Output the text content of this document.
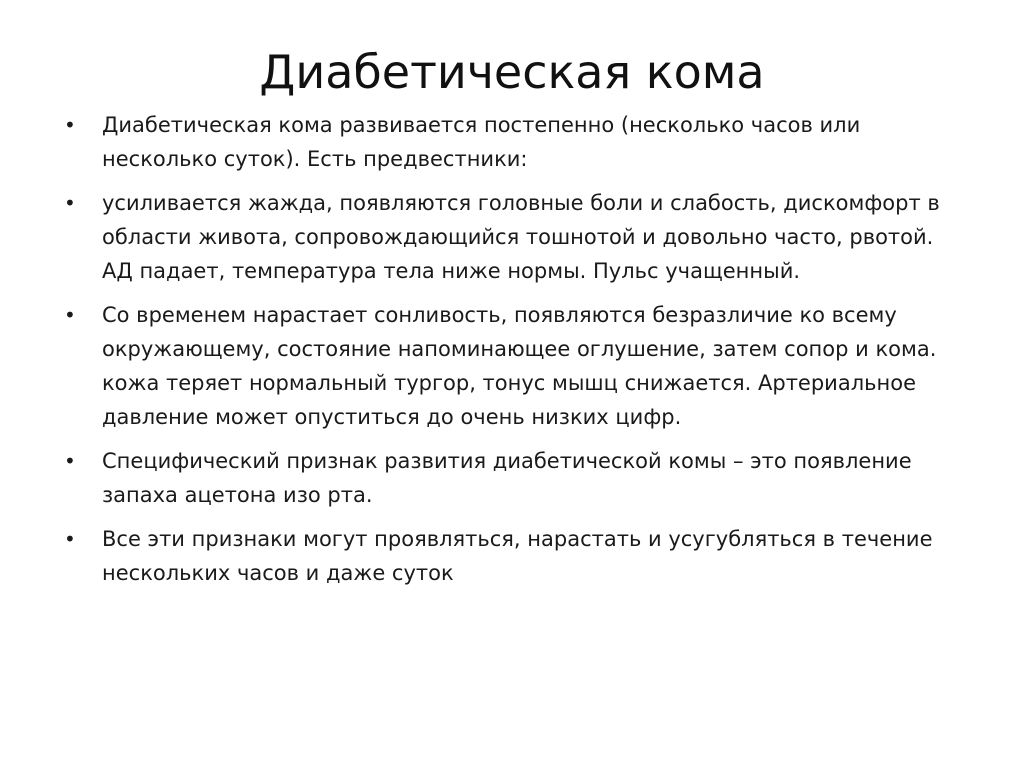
Диабетическая кома
• Диабетическая кома развивается постепенно (несколько часов или несколько суток). Есть предвестники:
• усиливается жажда, появляются головные боли и слабость, дискомфорт в области живота, сопровождающийся тошнотой и довольно часто, рвотой. АД падает, температура тела ниже нормы. Пульс учащенный.
• Со временем нарастает сонливость, появляются безразличие ко всему окружающему, состояние напоминающее оглушение, затем сопор и кома. кожа теряет нормальный тургор, тонус мышц снижается. Артериальное давление может опуститься до очень низких цифр.
• Специфический признак развития диабетической комы – это появление запаха ацетона изо рта.
• Все эти признаки могут проявляться, нарастать и усугубляться в течение нескольких часов и даже суток
